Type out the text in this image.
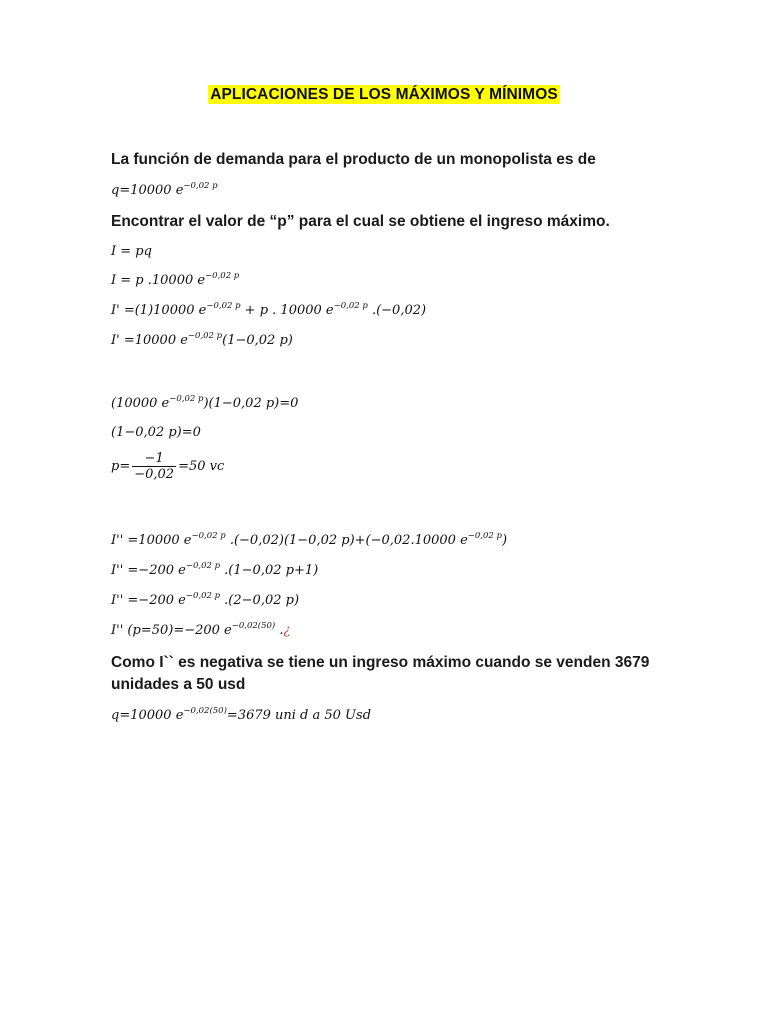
APLICACIONES DE LOS MÁXIMOS Y MÍNIMOS
La función de demanda para el producto de un monopolista es de
q=10000 $e^{-0,02 p}$
Encontrar el valor de “p” para el cual se obtiene el ingreso máximo.
I = pq
I = p .10000 $e^{-0,02 p}$
I' =(1)10000 $e^{-0,02 p} + p$ . 10000 $e^{-0,02 p}$ .(−0,02)
I' =10000 $e^{-0,02 p}(1-0,02$ p)
(10000 $e^{-0,02 p})(1-0,02$ p)=0
(1−0,02 p)=0
$p= \frac{-1}{-0,02} =50$ vc
I'' =10000 $e^{-0,02 p}$ .(−0,02)(1−0,02 p)+(−0,02.10000 $e^{-0,02 p}$)
I'' =−200 $e^{-0,02 p}$ .(1−0,02 p+1)
I'' =−200 $e^{-0,02 p}$ .(2−0,02 p)
I'' (p=50)=−200 $e^{-0,02(50)}$ .¿
Como I`` es negativa se tiene un ingreso máximo cuando se venden 3679
unidades a 50 usd
q=10000 $e^{-0,02(50)}=3679$ uni d a 50 Usd
